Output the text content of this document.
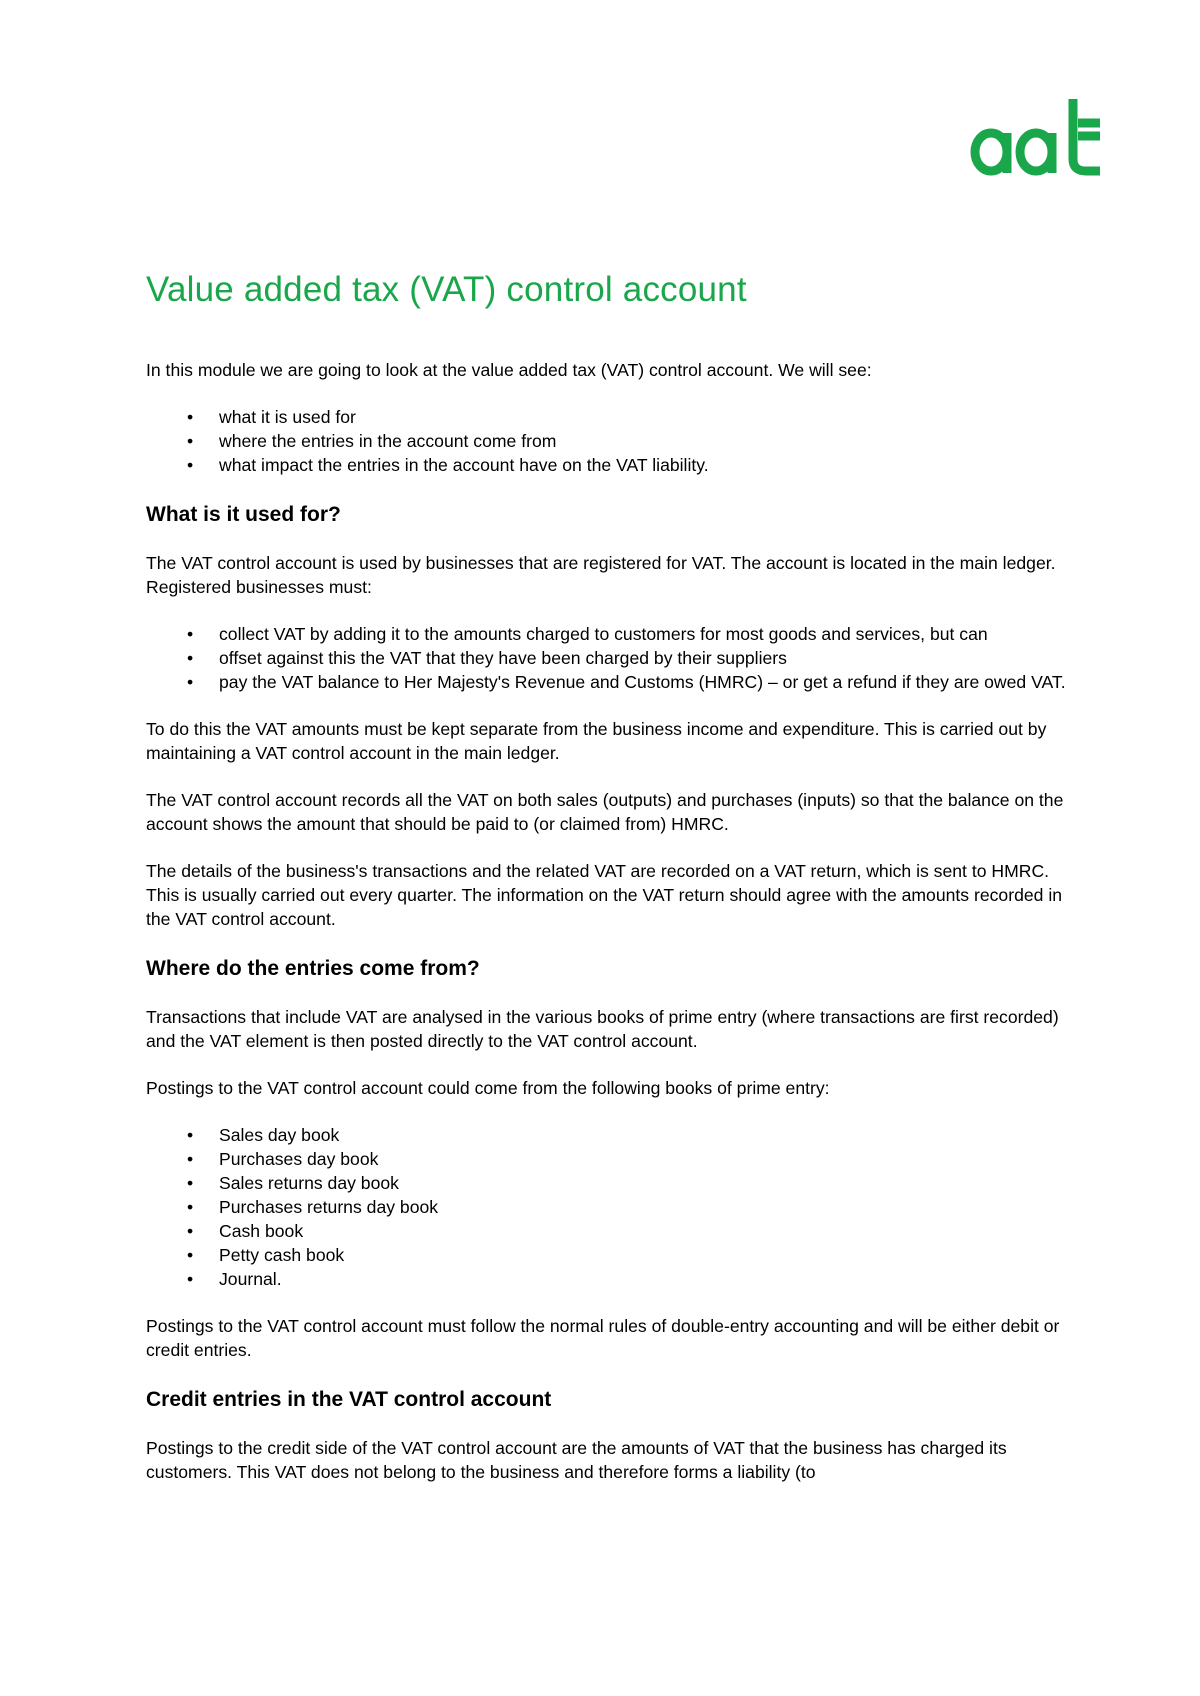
Value added tax (VAT) control account

In this module we are going to look at the value added tax (VAT) control account. We will see:

• what it is used for
• where the entries in the account come from
• what impact the entries in the account have on the VAT liability.
What is it used for?

The VAT control account is used by businesses that are registered for VAT. The account is located in the main ledger. Registered businesses must:

• collect VAT by adding it to the amounts charged to customers for most goods and services, but can
• offset against this the VAT that they have been charged by their suppliers
• pay the VAT balance to Her Majesty's Revenue and Customs (HMRC) – or get a refund if they are owed VAT.

To do this the VAT amounts must be kept separate from the business income and expenditure. This is carried out by maintaining a VAT control account in the main ledger.

The VAT control account records all the VAT on both sales (outputs) and purchases (inputs) so that the balance on the account shows the amount that should be paid to (or claimed from) HMRC.

The details of the business's transactions and the related VAT are recorded on a VAT return, which is sent to HMRC. This is usually carried out every quarter. The information on the VAT return should agree with the amounts recorded in the VAT control account.

Where do the entries come from?

Transactions that include VAT are analysed in the various books of prime entry (where transactions are first recorded) and the VAT element is then posted directly to the VAT control account.

Postings to the VAT control account could come from the following books of prime entry:

• Sales day book
• Purchases day book
• Sales returns day book
• Purchases returns day book
• Cash book
• Petty cash book
• Journal.

Postings to the VAT control account must follow the normal rules of double-entry accounting and will be either debit or credit entries.

Credit entries in the VAT control account

Postings to the credit side of the VAT control account are the amounts of VAT that the business has charged its customers. This VAT does not belong to the business and therefore forms a liability (to
